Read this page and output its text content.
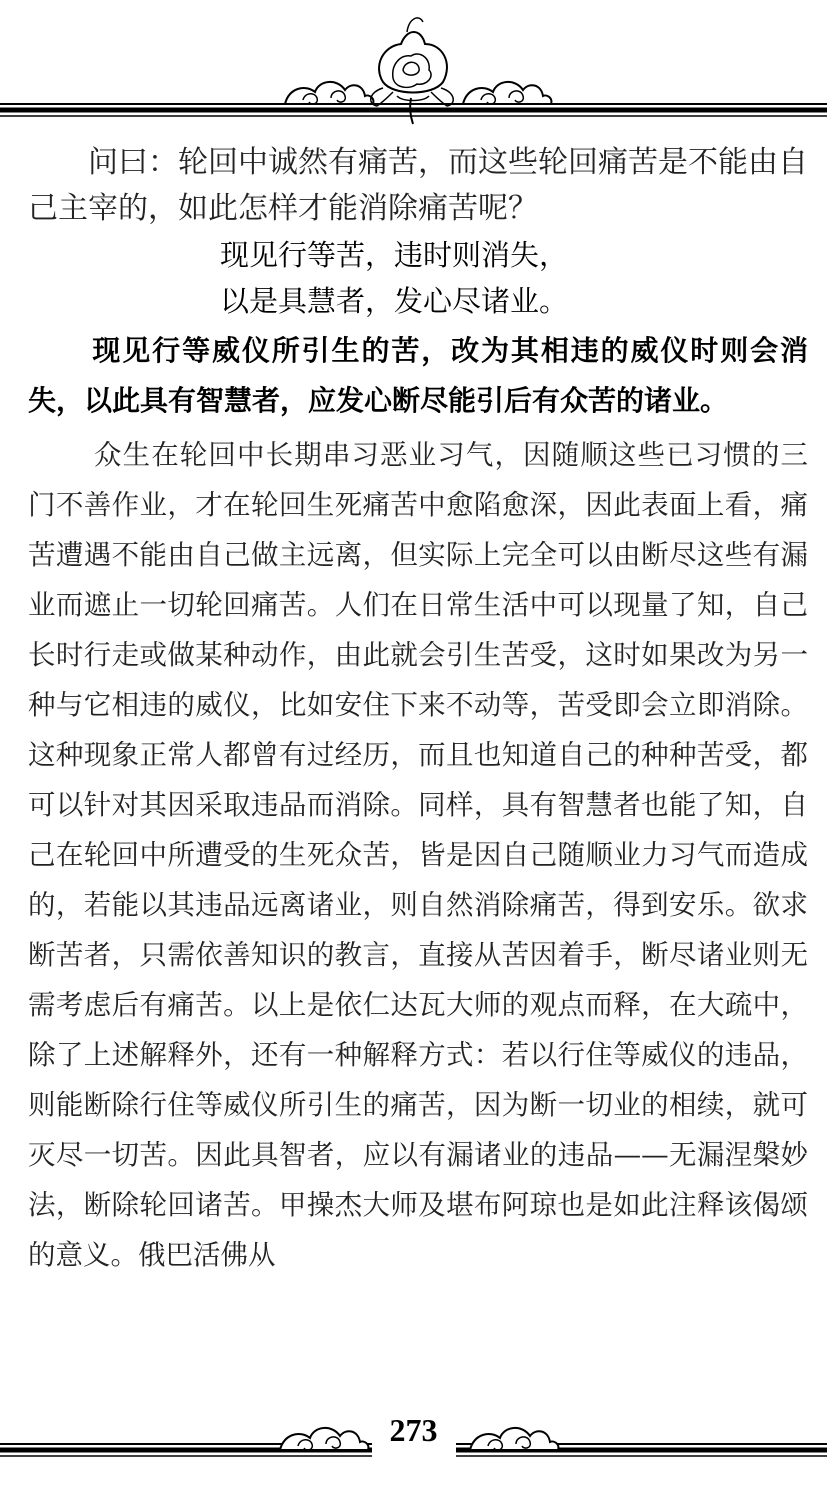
问曰：轮回中诚然有痛苦，而这些轮回痛苦是不能由自己主宰的，如此怎样才能消除痛苦呢？

现见行等苦，违时则消失，
以是具慧者，发心尽诸业。

现见行等威仪所引生的苦，改为其相违的威仪时则会消失，以此具有智慧者，应发心断尽能引后有众苦的诸业。

众生在轮回中长期串习恶业习气，因随顺这些已习惯的三门不善作业，才在轮回生死痛苦中愈陷愈深，因此表面上看，痛苦遭遇不能由自己做主远离，但实际上完全可以由断尽这些有漏业而遮止一切轮回痛苦。人们在日常生活中可以现量了知，自己长时行走或做某种动作，由此就会引生苦受，这时如果改为另一种与它相违的威仪，比如安住下来不动等，苦受即会立即消除。这种现象正常人都曾有过经历，而且也知道自己的种种苦受，都可以针对其因采取违品而消除。同样，具有智慧者也能了知，自己在轮回中所遭受的生死众苦，皆是因自己随顺业力习气而造成的，若能以其违品远离诸业，则自然消除痛苦，得到安乐。欲求断苦者，只需依善知识的教言，直接从苦因着手，断尽诸业则无需考虑后有痛苦。以上是依仁达瓦大师的观点而释，在大疏中，除了上述解释外，还有一种解释方式：若以行住等威仪的违品，则能断除行住等威仪所引生的痛苦，因为断一切业的相续，就可灭尽一切苦。因此具智者，应以有漏诸业的违品——无漏涅槃妙法，断除轮回诸苦。甲操杰大师及堪布阿琼也是如此注释该偈颂的意义。俄巴活佛从

273
